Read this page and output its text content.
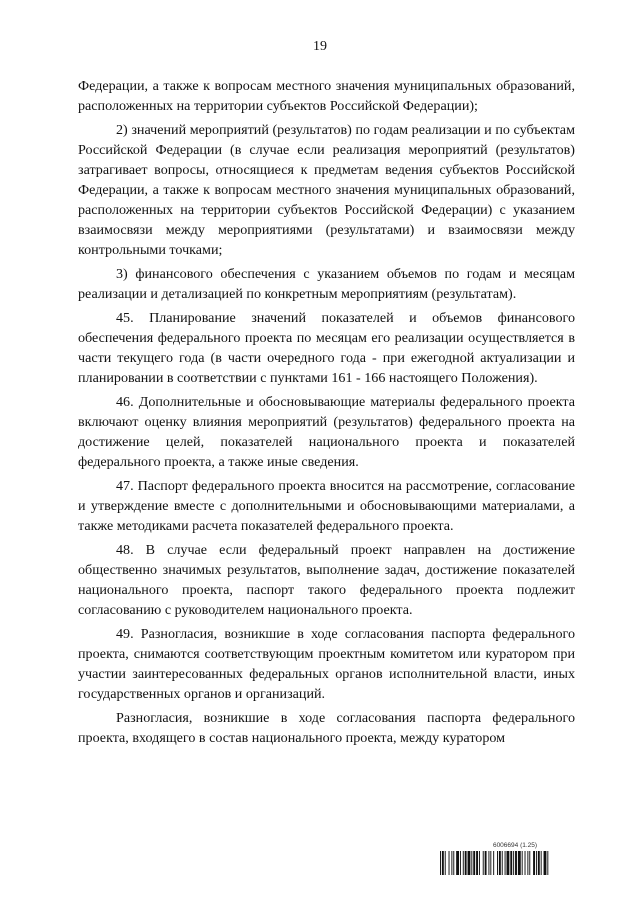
19

Федерации, а также к вопросам местного значения муниципальных образований, расположенных на территории субъектов Российской Федерации);

2) значений мероприятий (результатов) по годам реализации и по субъектам Российской Федерации (в случае если реализация мероприятий (результатов) затрагивает вопросы, относящиеся к предметам ведения субъектов Российской Федерации, а также к вопросам местного значения муниципальных образований, расположенных на территории субъектов Российской Федерации) с указанием взаимосвязи между мероприятиями (результатами) и взаимосвязи между контрольными точками;

3) финансового обеспечения с указанием объемов по годам и месяцам реализации и детализацией по конкретным мероприятиям (результатам).

45. Планирование значений показателей и объемов финансового обеспечения федерального проекта по месяцам его реализации осуществляется в части текущего года (в части очередного года - при ежегодной актуализации и планировании в соответствии с пунктами 161 - 166 настоящего Положения).

46. Дополнительные и обосновывающие материалы федерального проекта включают оценку влияния мероприятий (результатов) федерального проекта на достижение целей, показателей национального проекта и показателей федерального проекта, а также иные сведения.

47. Паспорт федерального проекта вносится на рассмотрение, согласование и утверждение вместе с дополнительными и обосновывающими материалами, а также методиками расчета показателей федерального проекта.

48. В случае если федеральный проект направлен на достижение общественно значимых результатов, выполнение задач, достижение показателей национального проекта, паспорт такого федерального проекта подлежит согласованию с руководителем национального проекта.

49. Разногласия, возникшие в ходе согласования паспорта федерального проекта, снимаются соответствующим проектным комитетом или куратором при участии заинтересованных федеральных органов исполнительной власти, иных государственных органов и организаций.

Разногласия, возникшие в ходе согласования паспорта федерального проекта, входящего в состав национального проекта, между куратором

6006694 (1.25)
